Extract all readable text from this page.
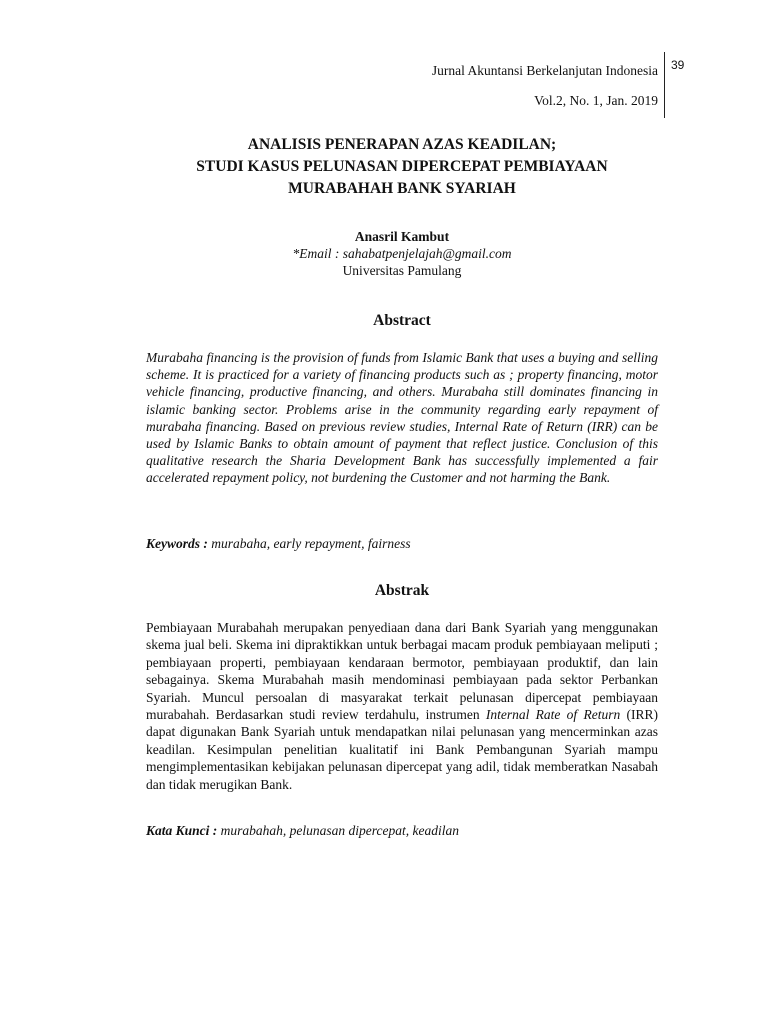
Jurnal Akuntansi Berkelanjutan Indonesia
Vol.2, No. 1, Jan. 2019
39
ANALISIS PENERAPAN AZAS KEADILAN;
STUDI KASUS PELUNASAN DIPERCEPAT PEMBIAYAAN
MURABAHAH BANK SYARIAH
Anasril Kambut
*Email : sahabatpenjelajah@gmail.com
Universitas Pamulang
Abstract

Murabaha financing is the provision of funds from Islamic Bank that uses a buying and selling scheme. It is practiced for a variety of financing products such as ; property financing, motor vehicle financing, productive financing, and others. Murabaha still dominates financing in islamic banking sector. Problems arise in the community regarding early repayment of murabaha financing. Based on previous review studies, Internal Rate of Return (IRR) can be used by Islamic Banks to obtain amount of payment that reflect justice. Conclusion of this qualitative research the Sharia Development Bank has successfully implemented a fair accelerated repayment policy, not burdening the Customer and not harming the Bank.

Keywords : murabaha, early repayment, fairness

Abstrak

Pembiayaan Murabahah merupakan penyediaan dana dari Bank Syariah yang menggunakan skema jual beli. Skema ini dipraktikkan untuk berbagai macam produk pembiayaan meliputi ; pembiayaan properti, pembiayaan kendaraan bermotor, pembiayaan produktif, dan lain sebagainya. Skema Murabahah masih mendominasi pembiayaan pada sektor Perbankan Syariah. Muncul persoalan di masyarakat terkait pelunasan dipercepat pembiayaan murabahah. Berdasarkan studi review terdahulu, instrumen Internal Rate of Return (IRR) dapat digunakan Bank Syariah untuk mendapatkan nilai pelunasan yang mencerminkan azas keadilan. Kesimpulan penelitian kualitatif ini Bank Pembangunan Syariah mampu mengimplementasikan kebijakan pelunasan dipercepat yang adil, tidak memberatkan Nasabah dan tidak merugikan Bank.

Kata Kunci : murabahah, pelunasan dipercepat, keadilan
